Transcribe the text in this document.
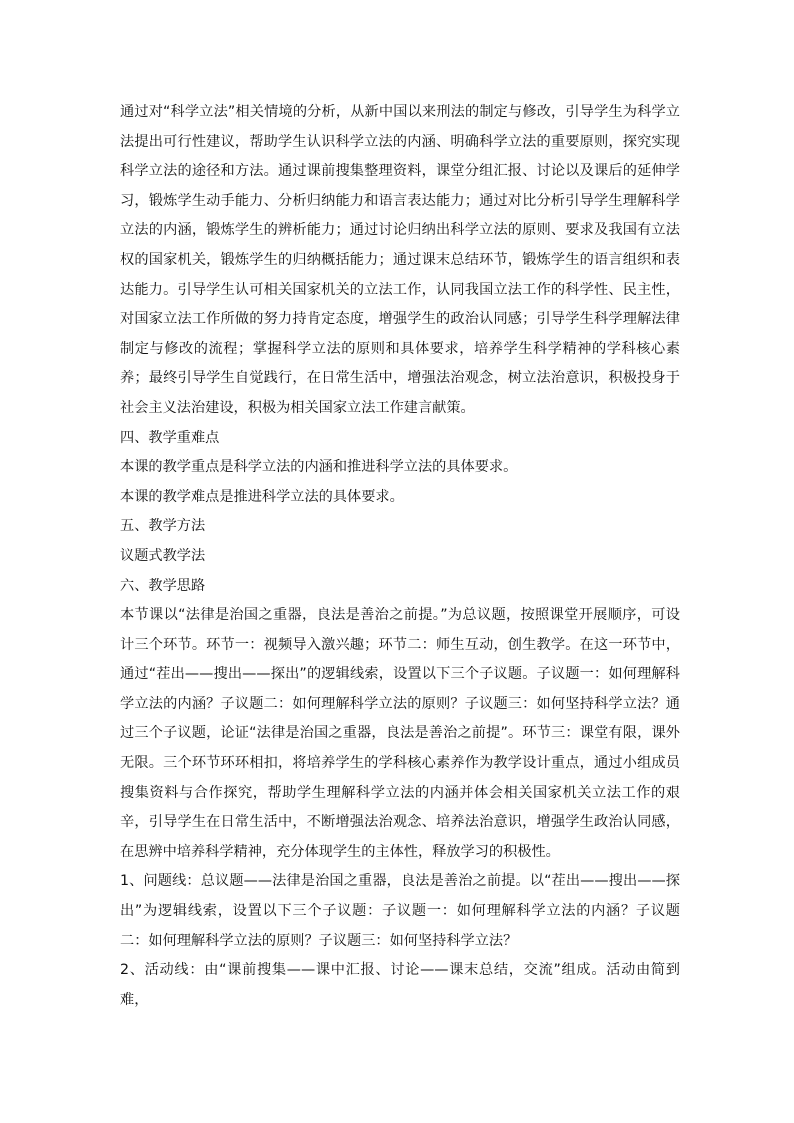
通过对“科学立法”相关情境的分析，从新中国以来刑法的制定与修改，引导学生为科学立法提出可行性建议，帮助学生认识科学立法的内涵、明确科学立法的重要原则，探究实现科学立法的途径和方法。通过课前搜集整理资料，课堂分组汇报、讨论以及课后的延伸学习，锻炼学生动手能力、分析归纳能力和语言表达能力；通过对比分析引导学生理解科学立法的内涵，锻炼学生的辨析能力；通过讨论归纳出科学立法的原则、要求及我国有立法权的国家机关，锻炼学生的归纳概括能力；通过课末总结环节，锻炼学生的语言组织和表达能力。引导学生认可相关国家机关的立法工作，认同我国立法工作的科学性、民主性，对国家立法工作所做的努力持肯定态度，增强学生的政治认同感；引导学生科学理解法律制定与修改的流程；掌握科学立法的原则和具体要求，培养学生科学精神的学科核心素养；最终引导学生自觉践行，在日常生活中，增强法治观念，树立法治意识，积极投身于社会主义法治建设，积极为相关国家立法工作建言献策。

四、教学重难点

本课的教学重点是科学立法的内涵和推进科学立法的具体要求。

本课的教学难点是推进科学立法的具体要求。

五、教学方法

议题式教学法

六、教学思路

本节课以“法律是治国之重器，良法是善治之前提。”为总议题，按照课堂开展顺序，可设计三个环节。环节一：视频导入激兴趣；环节二：师生互动，创生教学。在这一环节中，通过“茬出——搜出——探出”的逻辑线索，设置以下三个子议题。子议题一：如何理解科学立法的内涵？子议题二：如何理解科学立法的原则？子议题三：如何坚持科学立法？通过三个子议题，论证“法律是治国之重器，良法是善治之前提”。环节三：课堂有限，课外无限。三个环节环环相扣，将培养学生的学科核心素养作为教学设计重点，通过小组成员搜集资料与合作探究，帮助学生理解科学立法的内涵并体会相关国家机关立法工作的艰辛，引导学生在日常生活中，不断增强法治观念、培养法治意识，增强学生政治认同感，在思辨中培养科学精神，充分体现学生的主体性，释放学习的积极性。

1、问题线：总议题——法律是治国之重器，良法是善治之前提。以“茬出——搜出——探出”为逻辑线索，设置以下三个子议题：子议题一：如何理解科学立法的内涵？子议题二：如何理解科学立法的原则？子议题三：如何坚持科学立法？

2、活动线：由“课前搜集——课中汇报、讨论——课末总结，交流”组成。活动由简到难，
